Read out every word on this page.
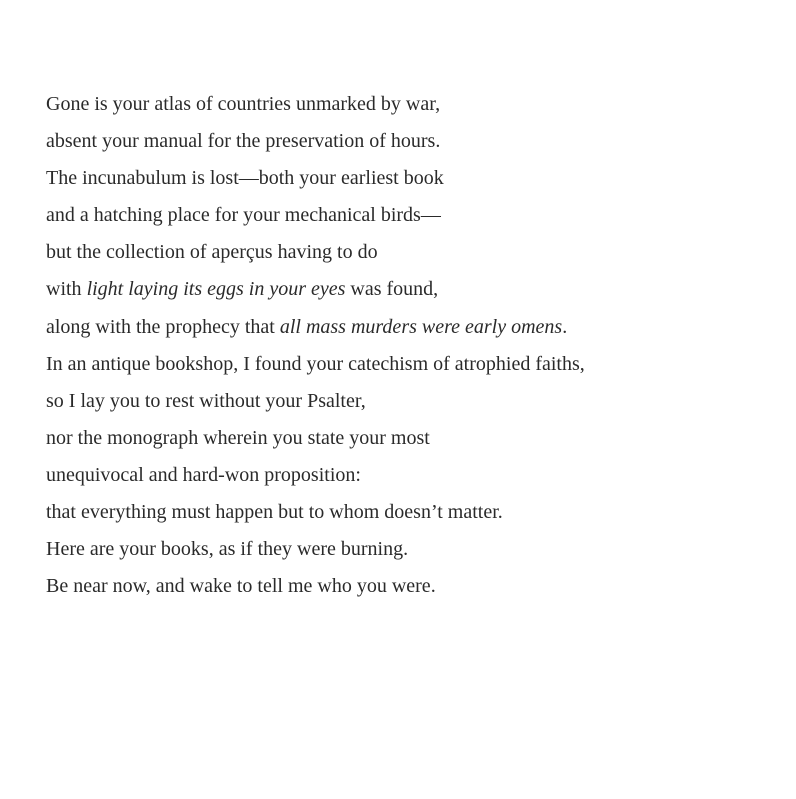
Gone is your atlas of countries unmarked by war,
absent your manual for the preservation of hours.
The incunabulum is lost—both your earliest book
and a hatching place for your mechanical birds—
but the collection of aperçus having to do
with light laying its eggs in your eyes was found,
along with the prophecy that all mass murders were early omens.
In an antique bookshop, I found your catechism of atrophied faiths,
so I lay you to rest without your Psalter,
nor the monograph wherein you state your most
unequivocal and hard-won proposition:
that everything must happen but to whom doesn’t matter.
Here are your books, as if they were burning.
Be near now, and wake to tell me who you were.
